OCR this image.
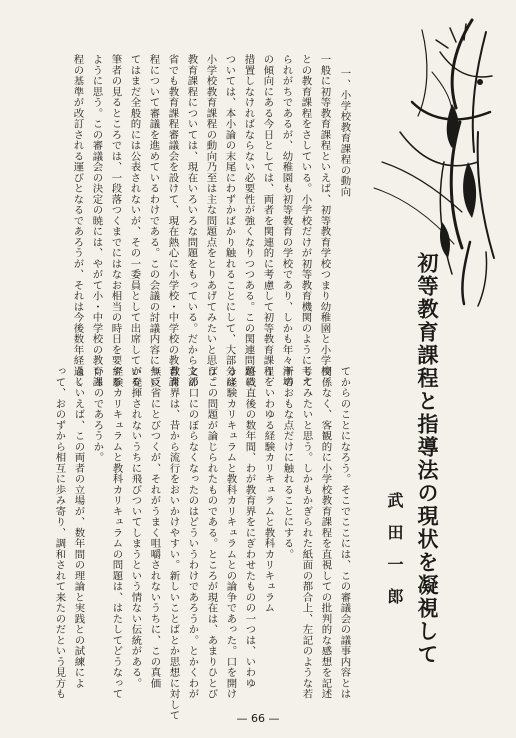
初等教育課程と指導法の現状を凝視して
武　田　一　郎
一、小学校教育課程の動向
一般に初等教育課程といえば、初等教育学校つまり幼稚園と小学校
との教育課程をさしている。小学校だけが初等教育機関のように考え
られがちであるが、幼稚園も初等教育の学校であり、しかも年々漸増
の傾向にある今日としては、両者を関連的に考慮して初等教育課程を
措置しなければならない必要性が強くなりつつある。この関連問題に
ついては、本小論の末尾にわずかばかり触れることにして、大部分は
小学校教育課程の動向乃至は主な問題点をとりあげてみたいと思う。
教育課程については、現在いろいろな問題をもっている。だから文部
省でも教育課程審議会を設けて、現在熱心に小学校・中学校の教育課
程について審議を進めているわけである。この会議の討議内容につい
てはまだ全般的には公表されないが、その一委員として出席している
筆者の見るところでは、一段落つくまでにはなお相当の時日を要する
ように思う。この審議会の決定の暁には、やがて小・中学校の教育課
程の基準が改訂される運びとなるであろうが、それは今後数年経過し
てからのことになろう。そこでここには、この審議会の議事内容とは
関係なく、客観的に小学校教育課程を直視しての批判的な感想を記述
してみたいと思う。しかもかぎられた紙面の都合上、左記のような若
干のおもな点だけに触れることにする。
１．いわゆる経験カリキュラムと教科カリキュラム
終戦直後の数年間、わが教育界をにぎわせたものの一つは、いわゆ
る経験カリキュラムと教科カリキュラムとの論争であった。口を開け
ばこの問題が論じられたものである。ところが現在は、あまりひとび
との口にのぼらなくなったのはどういうわけであろうか。とかくわが
教育界は、昔から流行をおいかけやすい。新しいことばとか思想に対して
無反省にとびつくが、それがうまく咀嚼されないうちに、この真価
が発揮されないうちに飛びついてしまうという情ない伝統がある。
経験カリキュラムと教科カリキュラムの問題は、はたしてどうなって
いるのであろうか。
よくいえば、この両者の立場が、数年間の理論と実践との試練によ
って、おのずから相互に歩み寄り、調和されて来たのだという見方も
— 66 —
